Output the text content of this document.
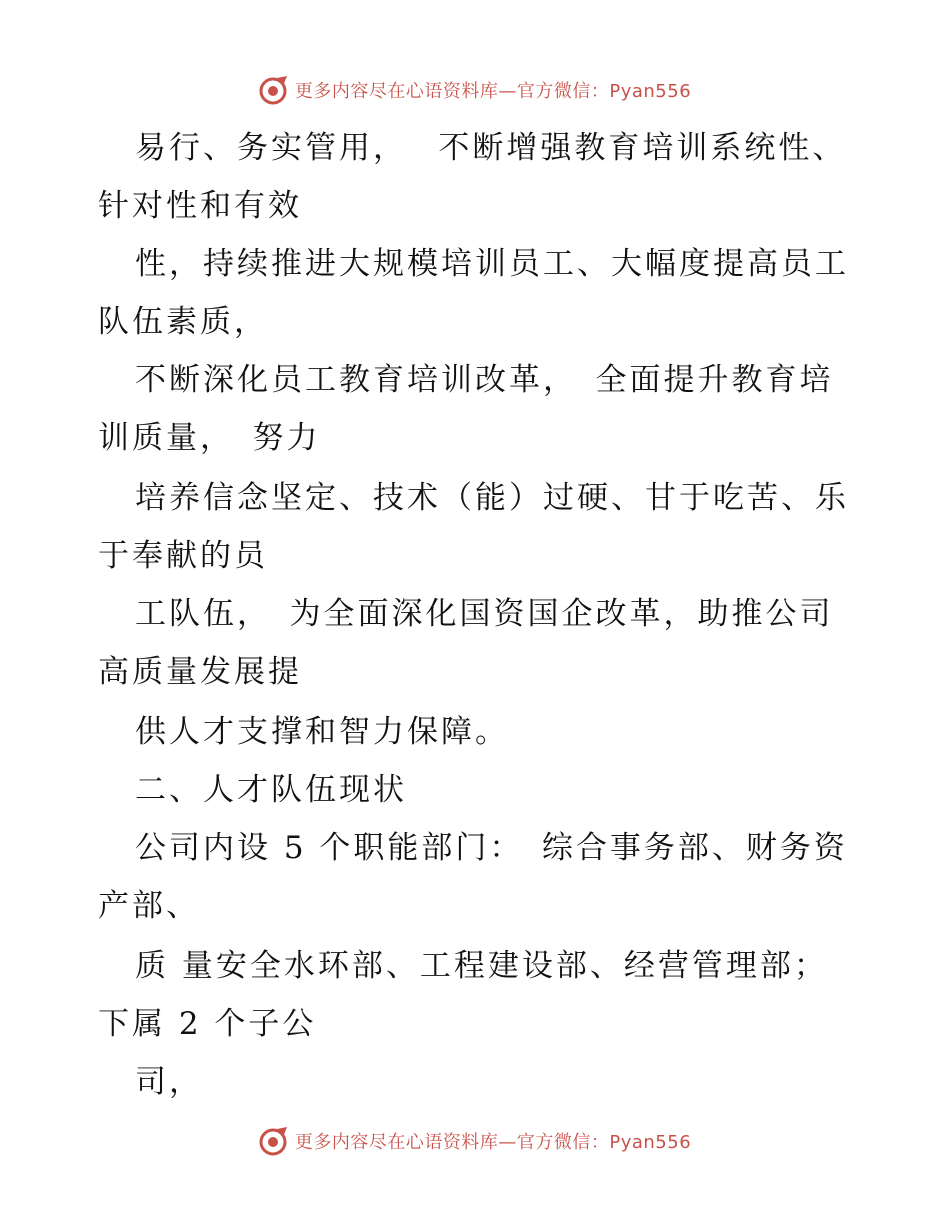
更多内容尽在心语资料库—官方微信：Pyan556
易行、务实管用，　 不断增强教育培训系统性、
针对性和有效
性，持续推进大规模培训员工、大幅度提高员工
队伍素质，
不断深化员工教育培训改革，　全面提升教育培
训质量，　努力
培养信念坚定、技术（能）过硬、甘于吃苦、乐
于奉献的员
工队伍，　为全面深化国资国企改革，助推公司
高质量发展提
供人才支撑和智力保障。
二、人才队伍现状
公司内设 5 个职能部门：　综合事务部、财务资
产部、
质 量安全水环部、工程建设部、经营管理部；
下属 2 个子公
司，
更多内容尽在心语资料库—官方微信：Pyan556
